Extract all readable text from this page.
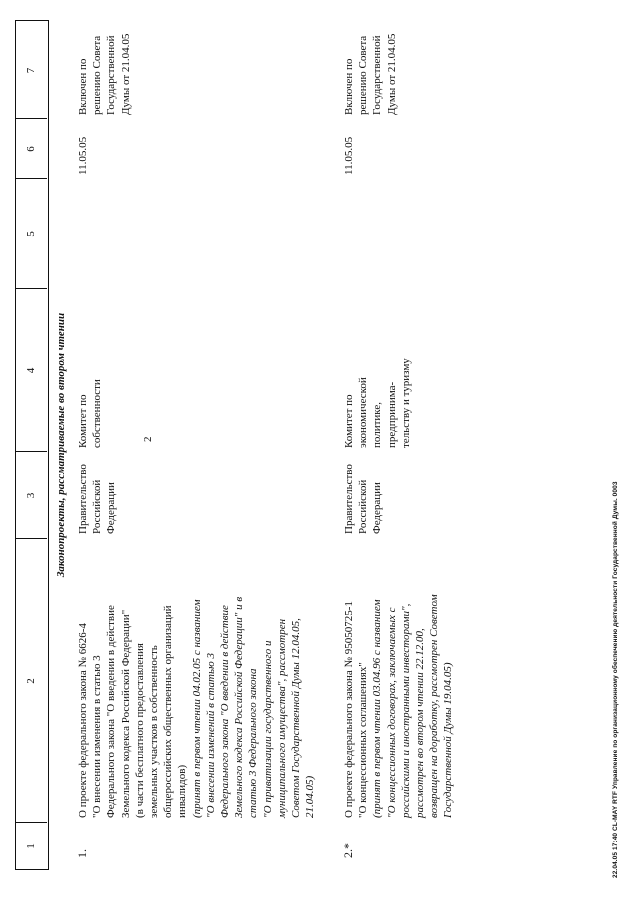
2
1
2
3
4
5
6
7
Законопроекты, рассматриваемые во втором чтении
1.
О проекте федерального закона № 6626-4 "О внесении изменения в статью 3 Федерального закона "О введении в действие Земельного кодекса Российской Федерации" (в части бесплатного предоставления земельных участков в собственность общероссийских общественных организаций инвалидов) (принят в первом чтении 04.02.05 с названием "О внесении изменений в статью 3 Федерального закона "О введении в действие Земельного кодекса Российской Федерации" и в статью 3 Федерального закона "О приватизации государственного и муниципального имущества", рассмотрен Советом Государственной Думы 12.04.05, 21.04.05)
Правительство Российской Федерации
Комитет по собственности
11.05.05
Включен по решению Совета Государственной Думы от 21.04.05
2.*
О проекте федерального закона № 95050725-1 "О концессионных соглашениях" (принят в первом чтении 03.04.96 с названием "О концессионных договорах, заключаемых с российскими и иностранными инвесторами", рассмотрен во втором чтении 22.12.00, возвращен на доработку, рассмотрен Советом Государственной Думы 19.04.05)
Правительство Российской Федерации
Комитет по экономической политике, предпринима- тельству и туризму
11.05.05
Включен по решению Совета Государственной Думы от 21.04.05
22.04.05 17:40 CL-MAY RTF Управление по организационному обеспечению деятельности Государственной Думы. 0003
